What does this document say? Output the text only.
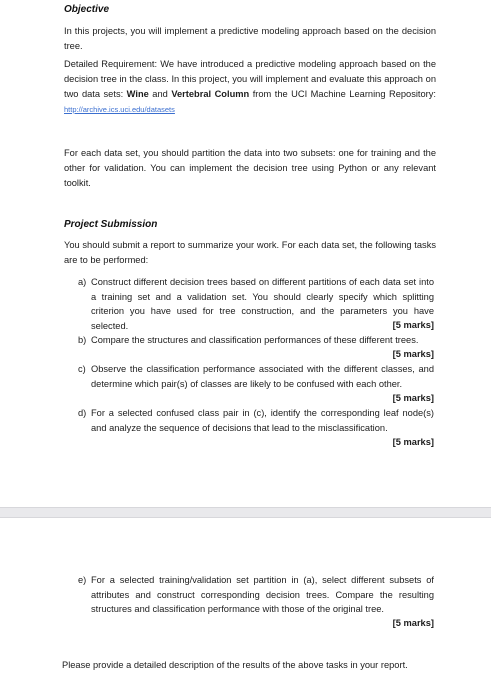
Objective
In this projects, you will implement a predictive modeling approach based on the decision tree.
Detailed Requirement: We have introduced a predictive modeling approach based on the decision tree in the class. In this project, you will implement and evaluate this approach on two data sets: Wine and Vertebral Column from the UCI Machine Learning Repository: http://archive.ics.uci.edu/datasets
For each data set, you should partition the data into two subsets: one for training and the other for validation. You can implement the decision tree using Python or any relevant toolkit.
Project Submission
You should submit a report to summarize your work. For each data set, the following tasks are to be performed:
a) Construct different decision trees based on different partitions of each data set into a training set and a validation set. You should clearly specify which splitting criterion you have used for tree construction, and the parameters you have selected.	[5 marks]
b) Compare the structures and classification performances of these different trees.
[5 marks]
c) Observe the classification performance associated with the different classes, and determine which pair(s) of classes are likely to be confused with each other.
[5 marks]
d) For a selected confused class pair in (c), identify the corresponding leaf node(s) and analyze the sequence of decisions that lead to the misclassification.
[5 marks]
e) For a selected training/validation set partition in (a), select different subsets of attributes and construct corresponding decision trees. Compare the resulting structures and classification performance with those of the original tree.
[5 marks]
Please provide a detailed description of the results of the above tasks in your report.
